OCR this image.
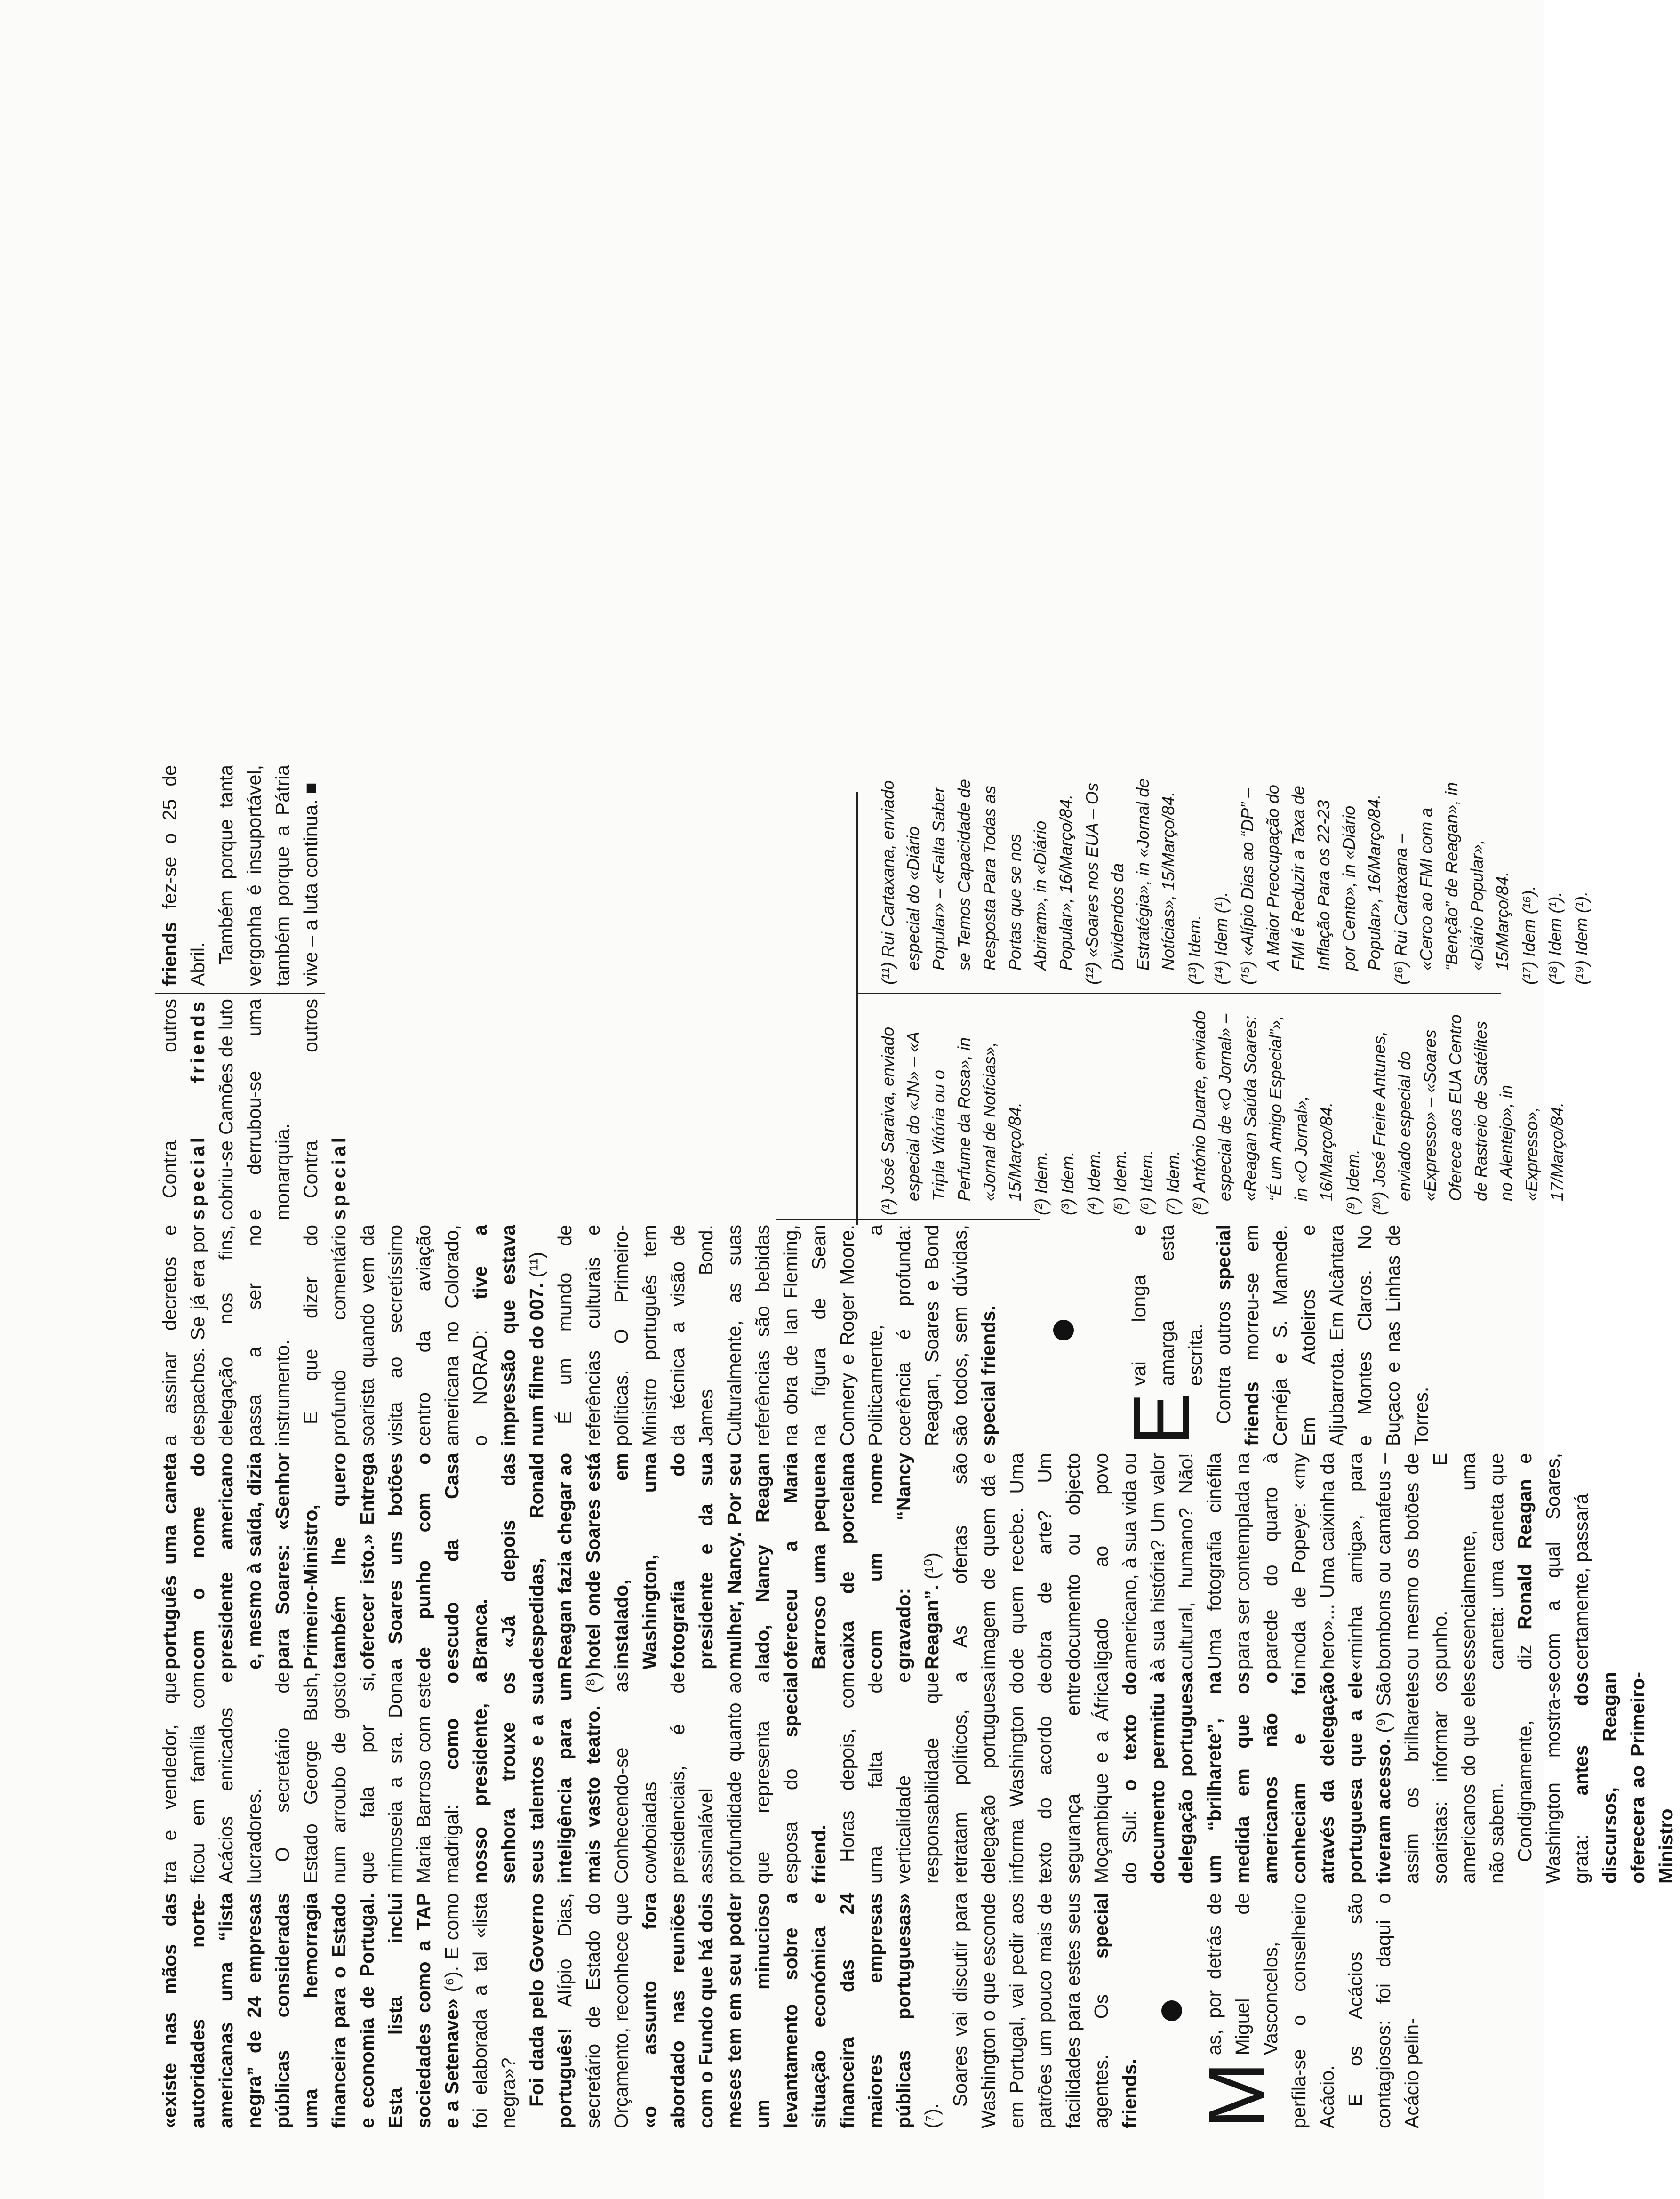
«existe nas mãos das autoridades norte-americanas uma “lista negra” de 24 empresas públicas consideradas uma hemorragia financeira para o Estado e economia de Portugal. Esta lista inclui sociedades como a TAP e a Setenave» (⁶). E como foi elaborada a tal «lista negra»? Foi dada pelo Governo português! Alípio Dias, secretário de Estado do Orçamento, reconhece que «o assunto fora abordado nas reuniões com o Fundo que há dois meses tem em seu poder um minucioso levantamento sobre a situação económica e financeira das 24 maiores empresas públicas portuguesas» (⁷).

Soares vai discutir para Washington o que esconde em Portugal, vai pedir aos patrões um pouco mais de facilidades para estes seus agentes. Os special friends. M
as, por detrás de Miguel de Vasconcelos, perfila-se o conselheiro Acácio. E os Acácios são contagiosos: foi daqui o Acácio pelin-

tra e vendedor, que ficou em família com Acácios enricados e lucradores. O secretário de Estado George Bush, num arroubo de gosto que fala por si, mimoseia a sra. Dona Maria Barroso com este madrigal: como o nosso presidente, a senhora trouxe os seus talentos e a sua inteligência para um mais vasto teatro. (⁸) Conhecendo-se as cowboiadas presidenciais, é de assinalável profundidade quanto ao que representa a esposa do special friend. Horas depois, com uma falta de verticalidade e responsabilidade que retratam políticos, a delegação portuguesa informa Washington do texto do acordo de segurança entre Moçambique e a África do Sul: o texto do documento permitiu à delegação portuguesa um “brilharete”, na medida em que os americanos não o conheciam e foi através da delegação portuguesa que a ele tiveram acesso. (⁹) São assim os brilharetes soaristas: informar os americanos do que eles não sabem. Condignamente, Washington mostra-se grata: antes dos discursos, Reagan oferecera ao Primeiro-Ministro

português uma caneta com o nome do presidente americano e, mesmo à saída, dizia para Soares: «Senhor Primeiro-Ministro, também lhe quero oferecer isto.» Entrega a Soares uns botões de punho com o escudo da Casa Branca. «Já depois das despedidas, Ronald Reagan fazia chegar ao hotel onde Soares está instalado, em Washington, uma fotografia do presidente e da sua mulher, Nancy. Por seu lado, Nancy Reagan ofereceu a Maria Barroso uma pequena caixa de porcelana com um nome gravado: “Nancy Reagan”. (¹⁰) As ofertas são imagem de quem dá e de quem recebe. Uma obra de arte? Um documento ou objecto ligado ao povo americano, à sua vida ou à sua história? Um valor cultural, humano? Não! Uma fotografia cinéfila para ser contemplada na parede do quarto à moda de Popeye: «my hero»... Uma caixinha da «minha amiga», para bombons ou camafeus – ou mesmo os botões de punho. E essencialmente, uma caneta: uma caneta que diz Ronald Reagan e com a qual Soares, certamente, passará

a assinar decretos e despachos. Se já era por delegação nos fins, passa a ser no instrumento. E que dizer do profundo comentário soarista quando vem da visita ao secretíssimo centro da aviação americana no Colorado, o NORAD: tive a impressão que estava num filme do 007. (¹¹) É um mundo de referências culturais e políticas. O Primeiro-Ministro português tem da técnica a visão de James Bond. Culturalmente, as suas referências são bebidas na obra de Ian Fleming, na figura de Sean Connery e Roger Moore. Politicamente, a coerência é profunda: Reagan, Soares e Bond são todos, sem dúvidas, special friends. E
vai longa e amarga esta escrita. Contra outros special friends morreu-se em Cernéja e S. Mamede. Em Atoleiros e Aljubarrota. Em Alcântara e Montes Claros. No Buçaco e nas Linhas de Torres.

Contra outros special friends cobriu-se Camões de luto e derrubou-se uma monarquia. Contra outros special

friends fez-se o 25 de Abril. Também porque tanta vergonha é insuportável, também porque a Pátria vive – a luta continua. ■

(¹) José Saraiva, enviado especial do «JN» – «A Tripla Vitória ou o Perfume da Rosa», in «Jornal de Notícias», 15/Março/84. (²) Idem. (³) Idem. (⁴) Idem. (⁵) Idem. (⁶) Idem. (⁷) Idem. (⁸) António Duarte, enviado especial de «O Jornal» – «Reagan Saúda Soares: “É um Amigo Especial”», in «O Jornal», 16/Março/84. (⁹) Idem. (¹⁰) José Freire Antunes, enviado especial do «Expresso» – «Soares Oferece aos EUA Centro de Rastreio de Satélites no Alentejo», in «Expresso», 17/Março/84.

(¹¹) Rui Cartaxana, enviado especial do «Diário Popular» – «Falta Saber se Temos Capacidade de Resposta Para Todas as Portas que se nos Abriram», in «Diário Popular», 16/Março/84. (¹²) «Soares nos EUA – Os Dividendos da Estratégia», in «Jornal de Notícias», 15/Março/84. (¹³) Idem. (¹⁴) Idem (¹). (¹⁵) «Alípio Dias ao “DP” – A Maior Preocupação do FMI é Reduzir a Taxa de Inflação Para os 22-23 por Cento», in «Diário Popular», 16/Março/84. (¹⁶) Rui Cartaxana – «Cerco ao FMI com a “Benção” de Reagan», in «Diário Popular», 15/Março/84. (¹⁷) Idem (¹⁶). (¹⁸) Idem (¹). (¹⁹) Idem (¹).
